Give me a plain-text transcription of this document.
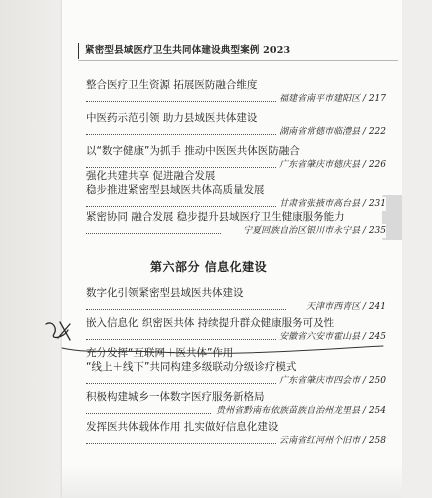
紧密型县域医疗卫生共同体建设典型案例 2023
整合医疗卫生资源 拓展医防融合维度
福建省南平市建阳区 / 217
中医药示范引领 助力县域医共体建设
湖南省常德市临澧县 / 222
以“数字健康”为抓手 推动中医医共体医防融合
广东省肇庆市德庆县 / 226
强化共建共享 促进融合发展
稳步推进紧密型县域医共体高质量发展
甘肃省张掖市高台县 / 231
紧密协同 融合发展 稳步提升县域医疗卫生健康服务能力
宁夏回族自治区银川市永宁县 / 235
第六部分 信息化建设
数字化引领紧密型县域医共体建设
天津市西青区 / 241
嵌入信息化 织密医共体 持续提升群众健康服务可及性
安徽省六安市霍山县 / 245
充分发挥“互联网＋医共体”作用
“线上＋线下”共同构建多级联动分级诊疗模式
广东省肇庆市四会市 / 250
积极构建城乡一体数字医疗服务新格局
贵州省黔南布依族苗族自治州龙里县 / 254
发挥医共体载体作用 扎实做好信息化建设
云南省红河州个旧市 / 258
